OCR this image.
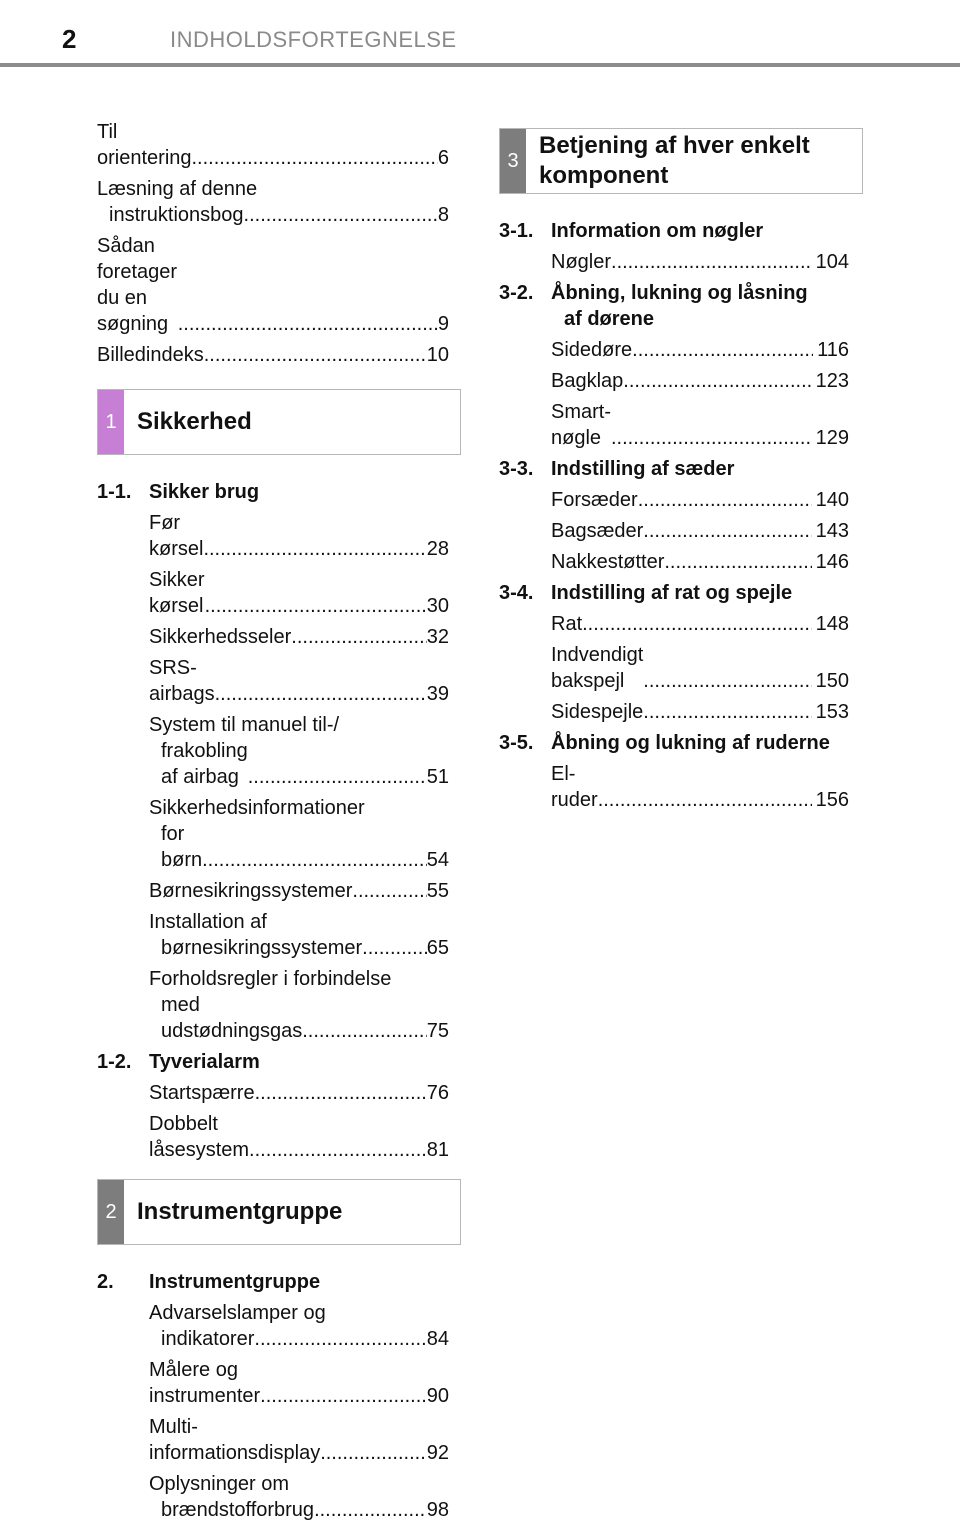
2	INDHOLDSFORTEGNELSE
Til orientering .....	6
Læsning af denne
instruktionsbog .....	8
Sådan foretager du en søgning .....	9
Billedindeks .....	10
1 Sikkerhed
1-1. Sikker brug
Før kørsel .....	28
Sikker kørsel .....	30
Sikkerhedsseler .....	32
SRS-airbags .....	39
System til manuel til-/
frakobling af airbag .....	51
Sikkerhedsinformationer
for børn .....	54
Børnesikringssystemer .....	55
Installation af
børnesikringssystemer .....	65
Forholdsregler i forbindelse
med udstødningsgas .....	75
1-2. Tyverialarm
Startspærre .....	76
Dobbelt låsesystem .....	81
2 Instrumentgruppe
2.	Instrumentgruppe
Advarselslamper og
indikatorer .....	84
Målere og instrumenter .....	90
Multi-informationsdisplay .....	92
Oplysninger om
brændstofforbrug .....	98
3
Betjening af hver enkelt
komponent
3-1. Information om nøgler
Nøgler .....	104
3-2. Åbning, lukning og låsning
af dørene
Sidedøre .....	116
Bagklap .....	123
Smart-nøgle .....	129
3-3. Indstilling af sæder
Forsæder .....	140
Bagsæder .....	143
Nakkestøtter .....	146
3-4. Indstilling af rat og spejle
Rat .....	148
Indvendigt bakspejl .....	150
Sidespejle .....	153
3-5. Åbning og lukning af ruderne
El-ruder .....	156
